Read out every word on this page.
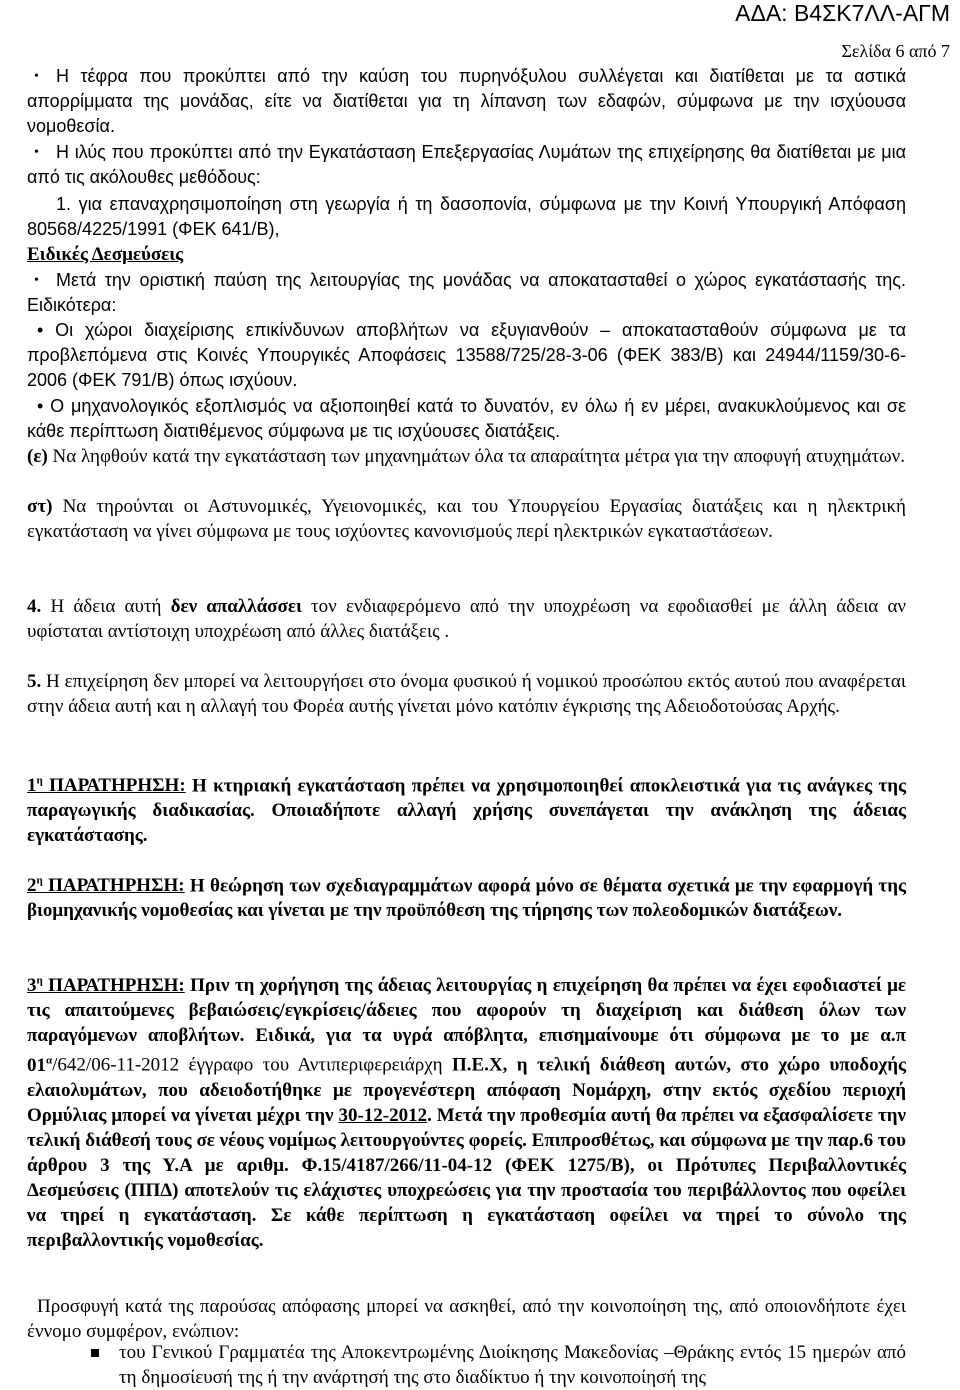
ΑΔΑ: Β4ΣΚ7ΛΛ-ΑΓΜ
Σελίδα 6 από 7
• Η τέφρα που προκύπτει από την καύση του πυρηνόξυλου συλλέγεται και διατίθεται με τα αστικά απορρίμματα της μονάδας, είτε να διατίθεται για τη λίπανση των εδαφών, σύμφωνα με την ισχύουσα νομοθεσία.

• Η ιλύς που προκύπτει από την Εγκατάσταση Επεξεργασίας Λυμάτων της επιχείρησης θα διατίθεται με μια από τις ακόλουθες μεθόδους:

1. για επαναχρησιμοποίηση στη γεωργία ή τη δασοπονία, σύμφωνα με την Κοινή Υπουργική Απόφαση 80568/4225/1991 (ΦΕΚ 641/Β),

Ειδικές Δεσμεύσεις

• Μετά την οριστική παύση της λειτουργίας της μονάδας να αποκατασταθεί ο χώρος εγκατάστασής της. Ειδικότερα:

• Οι χώροι διαχείρισης επικίνδυνων αποβλήτων να εξυγιανθούν – αποκατασταθούν σύμφωνα με τα προβλεπόμενα στις Κοινές Υπουργικές Αποφάσεις 13588/725/28-3-06 (ΦΕΚ 383/Β) και 24944/1159/30-6-2006 (ΦΕΚ 791/Β) όπως ισχύουν.

• Ο μηχανολογικός εξοπλισμός να αξιοποιηθεί κατά το δυνατόν, εν όλω ή εν μέρει, ανακυκλούμενος και σε κάθε περίπτωση διατιθέμενος σύμφωνα με τις ισχύουσες διατάξεις.

(ε) Να ληφθούν κατά την εγκατάσταση των μηχανημάτων όλα τα απαραίτητα μέτρα για την αποφυγή ατυχημάτων.

στ) Να τηρούνται οι Αστυνομικές, Υγειονομικές, και του Υπουργείου Εργασίας διατάξεις και η ηλεκτρική εγκατάσταση να γίνει σύμφωνα με τους ισχύοντες κανονισμούς περί ηλεκτρικών εγκαταστάσεων.

4. Η άδεια αυτή δεν απαλλάσσει τον ενδιαφερόμενο από την υποχρέωση να εφοδιασθεί με άλλη άδεια αν υφίσταται αντίστοιχη υποχρέωση από άλλες διατάξεις .

5. Η επιχείρηση δεν μπορεί να λειτουργήσει στο όνομα φυσικού ή νομικού προσώπου εκτός αυτού που αναφέρεται στην άδεια αυτή και η αλλαγή του Φορέα αυτής γίνεται μόνο κατόπιν έγκρισης της Αδειοδοτούσας Αρχής.

$1^\eta$ ΠΑΡΑΤΗΡΗΣΗ: Η κτηριακή εγκατάσταση πρέπει να χρησιμοποιηθεί αποκλειστικά για τις ανάγκες της παραγωγικής διαδικασίας. Οποιαδήποτε αλλαγή χρήσης συνεπάγεται την ανάκληση της άδειας εγκατάστασης.

$2^\eta$ ΠΑΡΑΤΗΡΗΣΗ: Η θεώρηση των σχεδιαγραμμάτων αφορά μόνο σε θέματα σχετικά με την εφαρμογή της βιομηχανικής νομοθεσίας και γίνεται με την προϋπόθεση της τήρησης των πολεοδομικών διατάξεων.

$3^\eta$ ΠΑΡΑΤΗΡΗΣΗ: Πριν τη χορήγηση της άδειας λειτουργίας η επιχείρηση θα πρέπει να έχει εφοδιαστεί με τις απαιτούμενες βεβαιώσεις/εγκρίσεις/άδειες που αφορούν τη διαχείριση και διάθεση όλων των παραγόμενων αποβλήτων. Ειδικά, για τα υγρά απόβλητα, επισημαίνουμε ότι σύμφωνα με το με α.π $01^\alpha/642/06-11-2012$ έγγραφο του Αντιπεριφερειάρχη Π.Ε.Χ, η τελική διάθεση αυτών, στο χώρο υποδοχής ελαιολυμάτων, που αδειοδοτήθηκε με προγενέστερη απόφαση Νομάρχη, στην εκτός σχεδίου περιοχή Ορμύλιας μπορεί να γίνεται μέχρι την 30-12-2012. Μετά την προθεσμία αυτή θα πρέπει να εξασφαλίσετε την τελική διάθεσή τους σε νέους νομίμως λειτουργούντες φορείς. Επιπροσθέτως, και σύμφωνα με την παρ.6 του άρθρου 3 της Υ.Α με αριθμ. Φ.15/4187/266/11-04-12 (ΦΕΚ 1275/Β), οι Πρότυπες Περιβαλλοντικές Δεσμεύσεις (ΠΠΔ) αποτελούν τις ελάχιστες υποχρεώσεις για την προστασία του περιβάλλοντος που οφείλει να τηρεί η εγκατάσταση. Σε κάθε περίπτωση η εγκατάσταση οφείλει να τηρεί το σύνολο της περιβαλλοντικής νομοθεσίας.

Προσφυγή κατά της παρούσας απόφασης μπορεί να ασκηθεί, από την κοινοποίηση της, από οποιονδήποτε έχει έννομο συμφέρον, ενώπιον:

του Γενικού Γραμματέα της Αποκεντρωμένης Διοίκησης Μακεδονίας –Θράκης εντός 15 ημερών από τη δημοσίευσή της ή την ανάρτησή της στο διαδίκτυο ή την κοινοποίησή της
